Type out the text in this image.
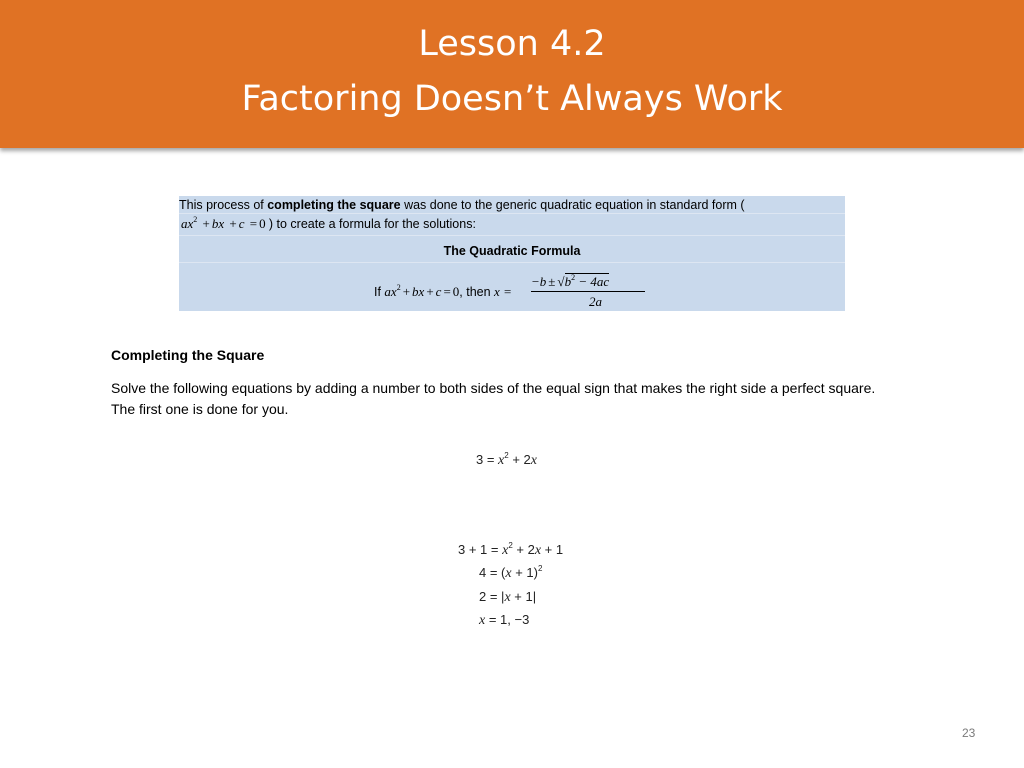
Lesson 4.2
Factoring Doesn’t Always Work
This process of completing the square was done to the generic quadratic equation in standard form (
$ax^2$ + bx + c = 0 ) to create a formula for the solutions:
The Quadratic Formula
If $ax^2$ + bx + c = 0, then x =
$-b \pm √b^2 - 4ac$
2a
Completing the Square
Solve the following equations by adding a number to both sides of the equal sign that makes the right side a perfect square. The first one is done for you.
$3 = x^2 + 2x$
$3 + 1 = x^2 + 2x + 1$
$4 = (x + 1)^2$
2 = |x + 1|
x = 1, −3
23
